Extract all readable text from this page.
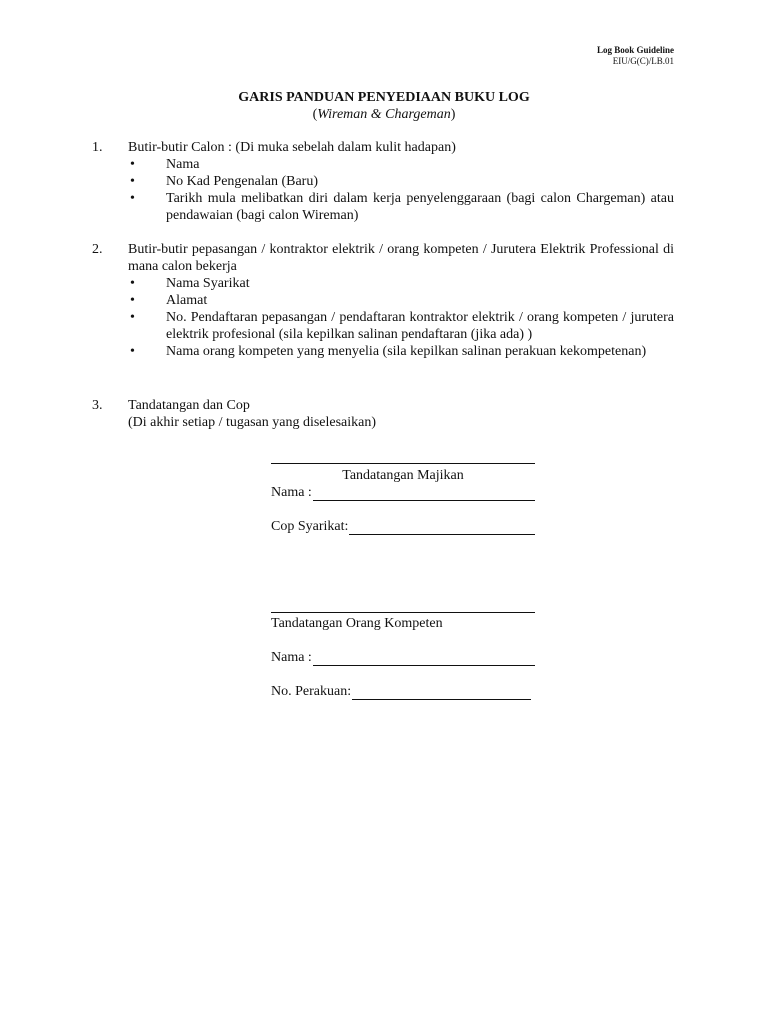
Log Book Guideline
EIU/G(C)/LB.01
GARIS PANDUAN PENYEDIAAN BUKU LOG
(Wireman & Chargeman)
1. Butir-butir Calon : (Di muka sebelah dalam kulit hadapan)
• Nama
• No Kad Pengenalan (Baru)
• Tarikh mula melibatkan diri dalam kerja penyelenggaraan (bagi calon Chargeman) atau pendawaian (bagi calon Wireman)
2. Butir-butir pepasangan / kontraktor elektrik / orang kompeten / Jurutera Elektrik Professional di mana calon bekerja
• Nama Syarikat
• Alamat
• No. Pendaftaran pepasangan / pendaftaran kontraktor elektrik / orang kompeten / jurutera elektrik profesional (sila kepilkan salinan pendaftaran (jika ada) )
• Nama orang kompeten yang menyelia (sila kepilkan salinan perakuan kekompetenan)
3. Tandatangan dan Cop
(Di akhir setiap / tugasan yang diselesaikan)
Tandatangan Majikan
Nama :
Cop Syarikat:
Tandatangan Orang Kompeten
Nama :
No. Perakuan:
